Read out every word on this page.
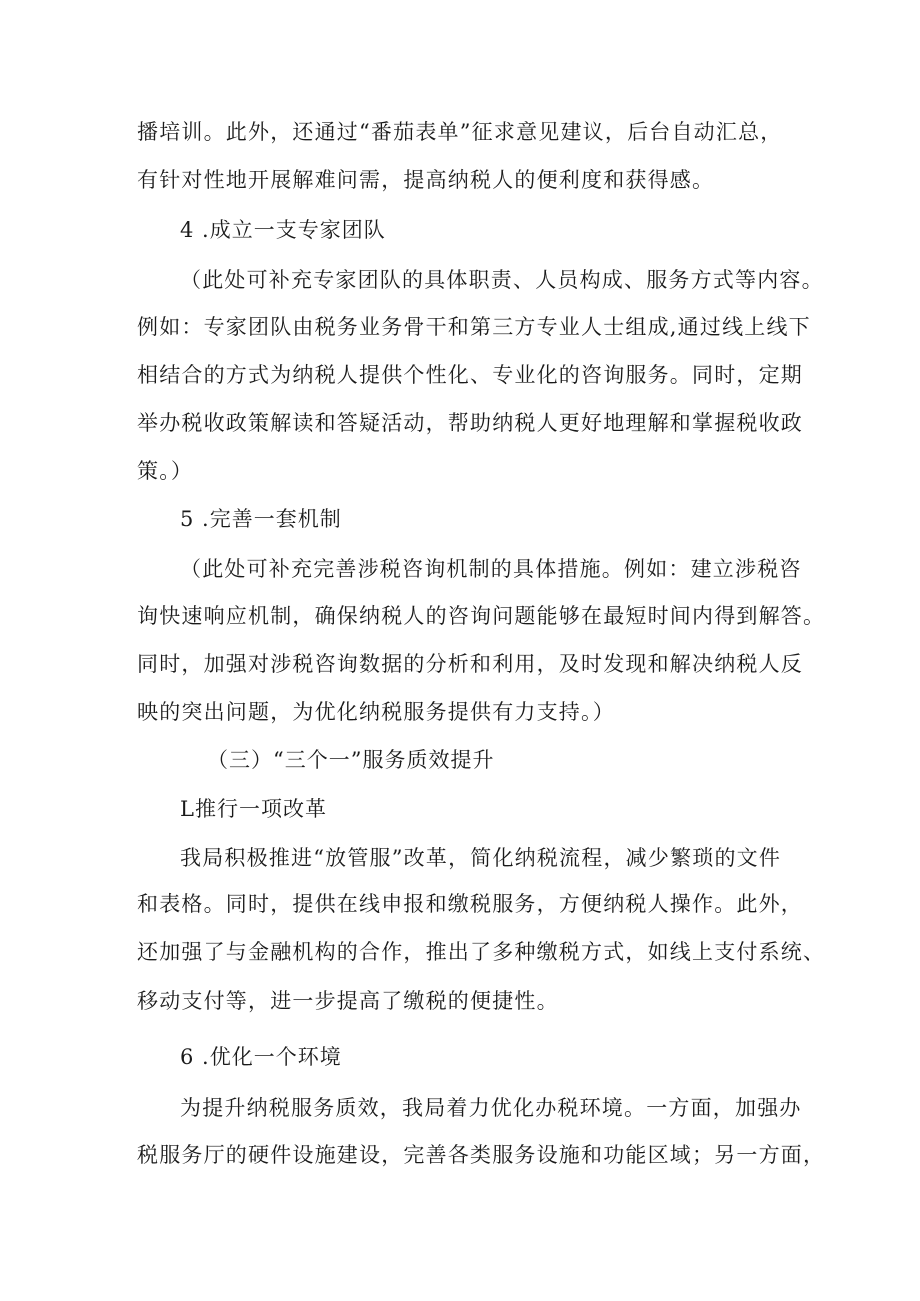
播培训。此外，还通过“番茄表单”征求意见建议，后台自动汇总，
有针对性地开展解难问需，提高纳税人的便利度和获得感。
4 .成立一支专家团队
（此处可补充专家团队的具体职责、人员构成、服务方式等内容。
例如：专家团队由税务业务骨干和第三方专业人士组成,通过线上线下
相结合的方式为纳税人提供个性化、专业化的咨询服务。同时，定期
举办税收政策解读和答疑活动，帮助纳税人更好地理解和掌握税收政
策。）
5 .完善一套机制
（此处可补充完善涉税咨询机制的具体措施。例如：建立涉税咨
询快速响应机制，确保纳税人的咨询问题能够在最短时间内得到解答。
同时，加强对涉税咨询数据的分析和利用，及时发现和解决纳税人反
映的突出问题，为优化纳税服务提供有力支持。）
（三）“三个一”服务质效提升
L推行一项改革
我局积极推进“放管服”改革，简化纳税流程，减少繁琐的文件
和表格。同时，提供在线申报和缴税服务，方便纳税人操作。此外，
还加强了与金融机构的合作，推出了多种缴税方式，如线上支付系统、
移动支付等，进一步提高了缴税的便捷性。
6 .优化一个环境
为提升纳税服务质效，我局着力优化办税环境。一方面，加强办
税服务厅的硬件设施建设，完善各类服务设施和功能区域；另一方面，
